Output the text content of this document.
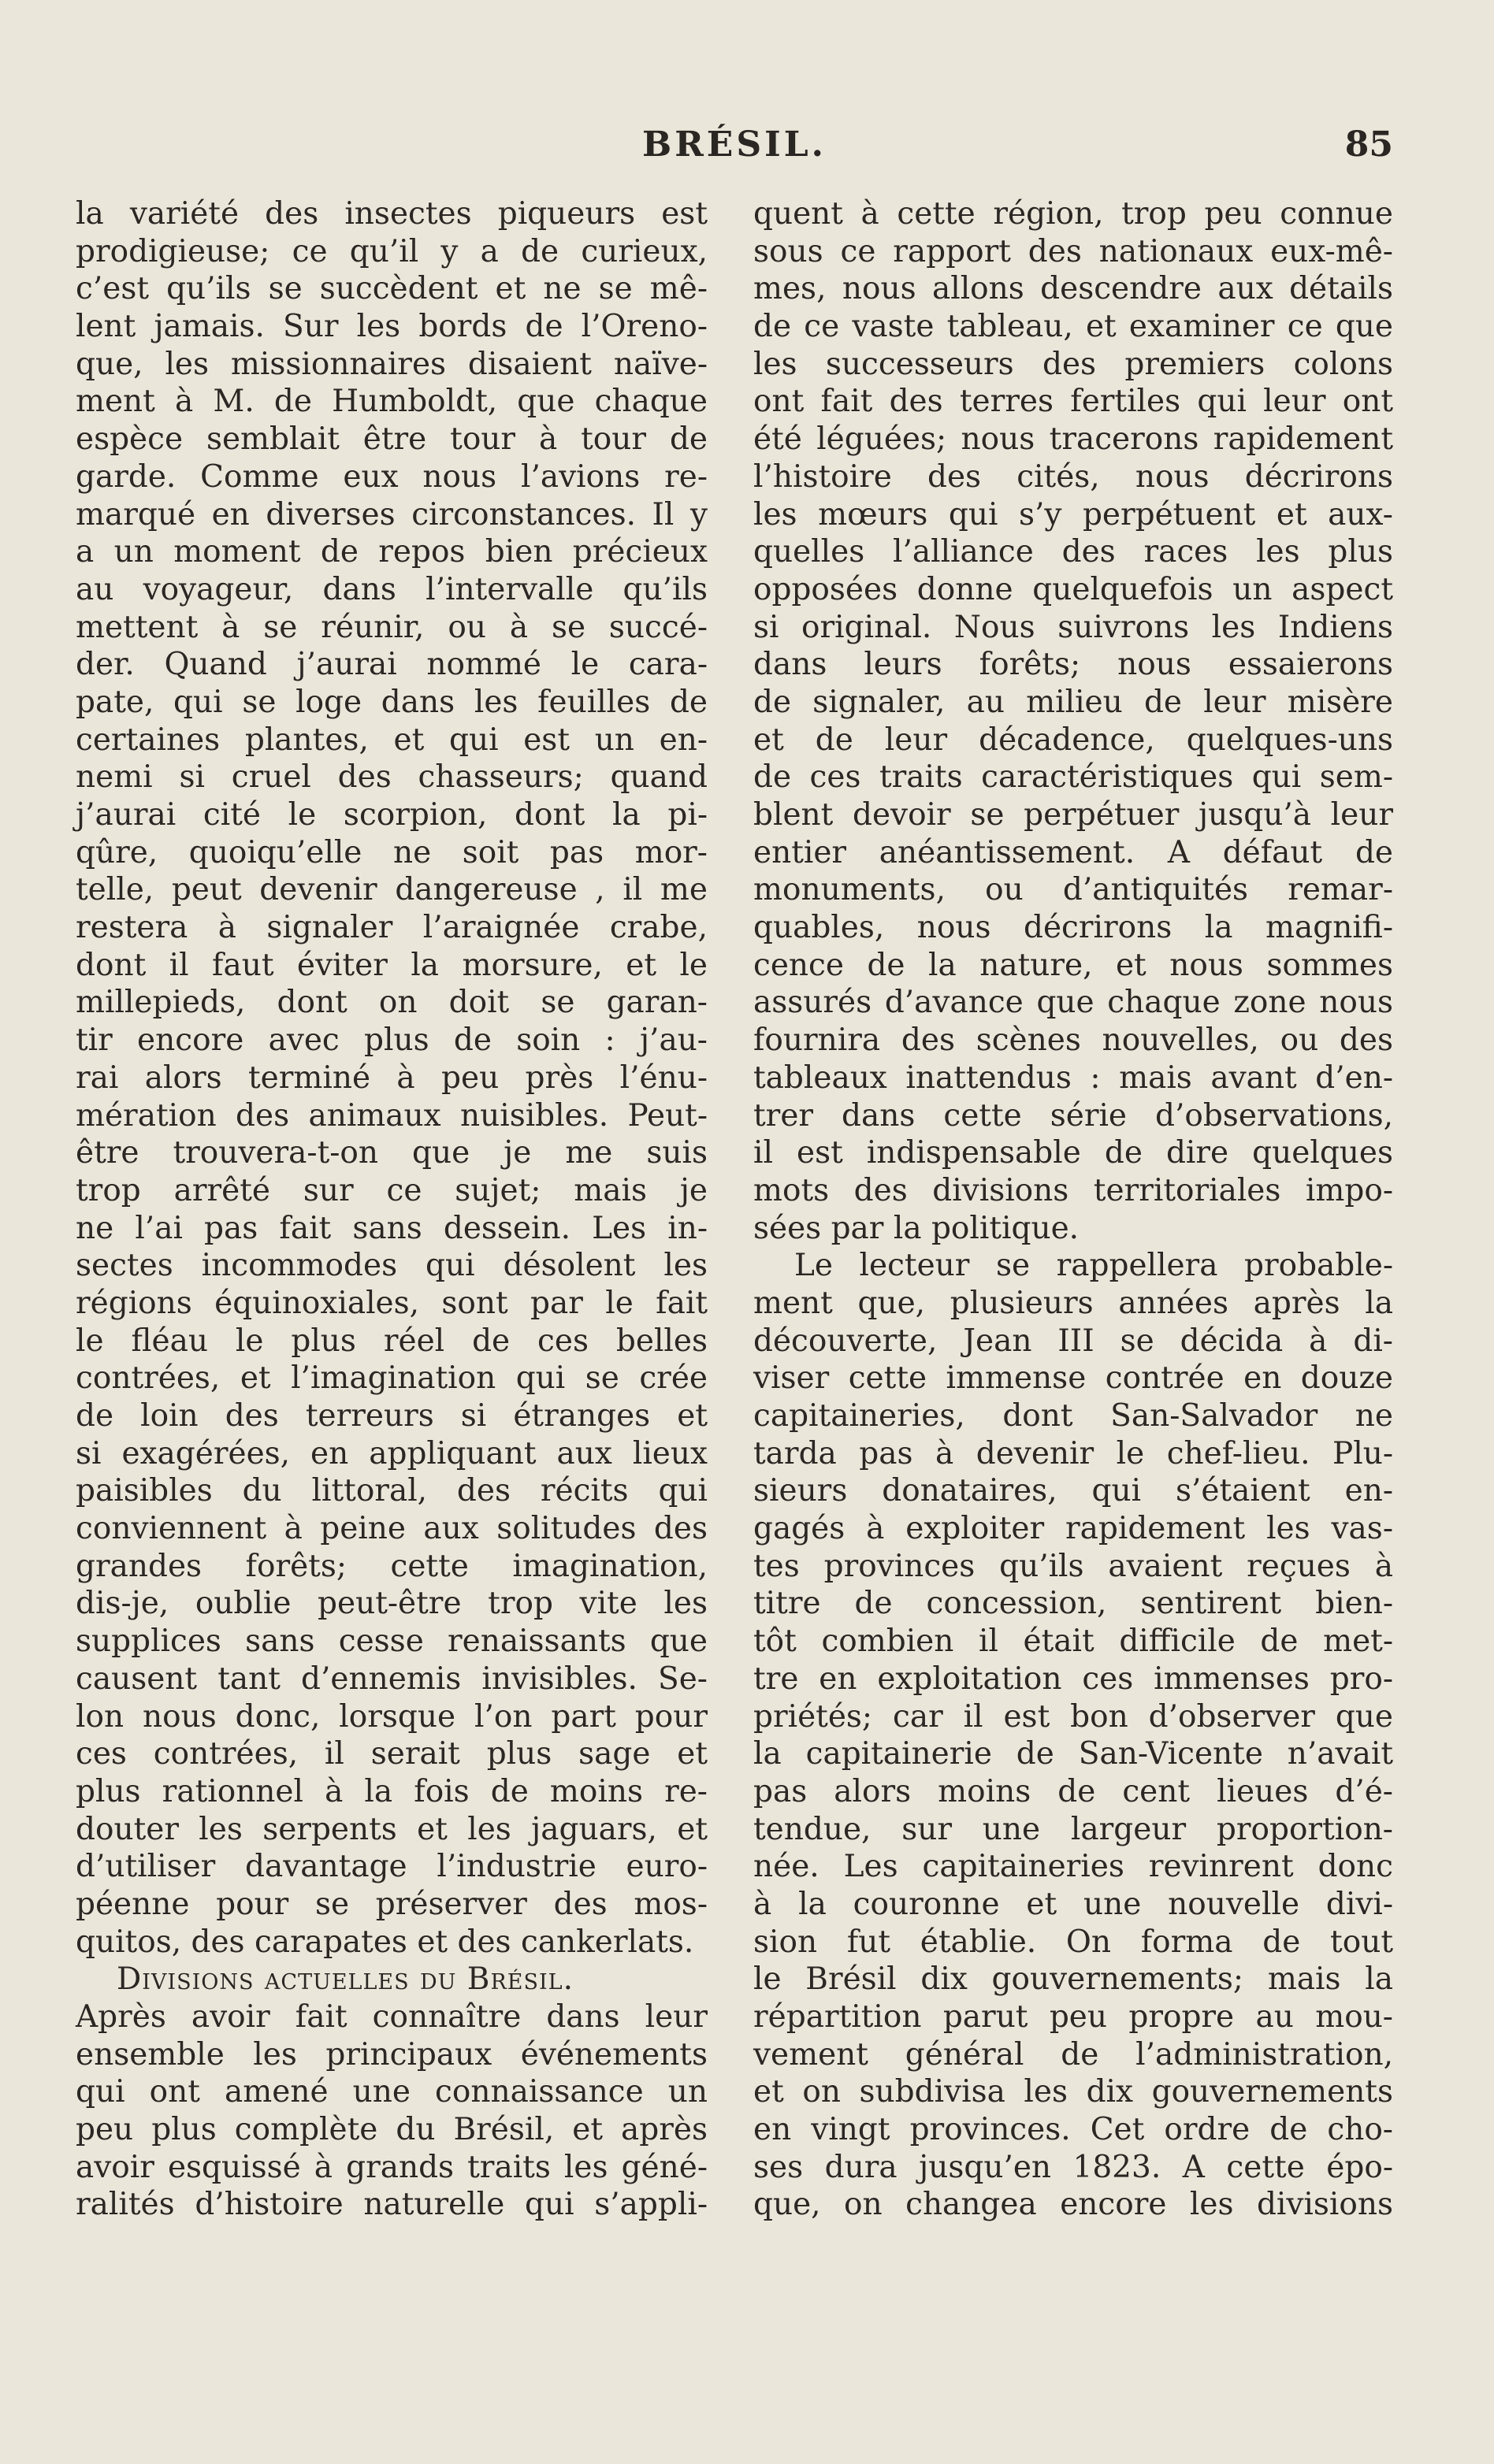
BRÉSIL.	85
la variété des insectes piqueurs est
prodigieuse; ce qu’il y a de curieux,
c’est qu’ils se succèdent et ne se mê-
lent jamais. Sur les bords de l’Oreno-
que, les missionnaires disaient naïve-
ment à M. de Humboldt, que chaque
espèce semblait être tour à tour de
garde. Comme eux nous l’avions re-
marqué en diverses circonstances. Il y
a un moment de repos bien précieux
au voyageur, dans l’intervalle qu’ils
mettent à se réunir, ou à se succé-
der. Quand j’aurai nommé le cara-
pate, qui se loge dans les feuilles de
certaines plantes, et qui est un en-
nemi si cruel des chasseurs; quand
j’aurai cité le scorpion, dont la pi-
qûre, quoiqu’elle ne soit pas mor-
telle, peut devenir dangereuse , il me
restera à signaler l’araignée crabe,
dont il faut éviter la morsure, et le
millepieds, dont on doit se garan-
tir encore avec plus de soin : j’au-
rai alors terminé à peu près l’énu-
mération des animaux nuisibles. Peut-
être trouvera-t-on que je me suis
trop arrêté sur ce sujet; mais je
ne l’ai pas fait sans dessein. Les in-
sectes incommodes qui désolent les
régions équinoxiales, sont par le fait
le fléau le plus réel de ces belles
contrées, et l’imagination qui se crée
de loin des terreurs si étranges et
si exagérées, en appliquant aux lieux
paisibles du littoral, des récits qui
conviennent à peine aux solitudes des
grandes forêts; cette imagination,
dis-je, oublie peut-être trop vite les
supplices sans cesse renaissants que
causent tant d’ennemis invisibles. Se-
lon nous donc, lorsque l’on part pour
ces contrées, il serait plus sage et
plus rationnel à la fois de moins re-
douter les serpents et les jaguars, et
d’utiliser davantage l’industrie euro-
péenne pour se préserver des mos-
quitos, des carapates et des cankerlats.
Divisions actuelles du Brésil.
Après avoir fait connaître dans leur
ensemble les principaux événements
qui ont amené une connaissance un
peu plus complète du Brésil, et après
avoir esquissé à grands traits les géné-
ralités d’histoire naturelle qui s’appli-
quent à cette région, trop peu connue
sous ce rapport des nationaux eux-mê-
mes, nous allons descendre aux détails
de ce vaste tableau, et examiner ce que
les successeurs des premiers colons
ont fait des terres fertiles qui leur ont
été léguées; nous tracerons rapidement
l’histoire des cités, nous décrirons
les mœurs qui s’y perpétuent et aux-
quelles l’alliance des races les plus
opposées donne quelquefois un aspect
si original. Nous suivrons les Indiens
dans leurs forêts; nous essaierons
de signaler, au milieu de leur misère
et de leur décadence, quelques-uns
de ces traits caractéristiques qui sem-
blent devoir se perpétuer jusqu’à leur
entier anéantissement. A défaut de
monuments, ou d’antiquités remar-
quables, nous décrirons la magnifi-
cence de la nature, et nous sommes
assurés d’avance que chaque zone nous
fournira des scènes nouvelles, ou des
tableaux inattendus : mais avant d’en-
trer dans cette série d’observations,
il est indispensable de dire quelques
mots des divisions territoriales impo-
sées par la politique.
Le lecteur se rappellera probable-
ment que, plusieurs années après la
découverte, Jean III se décida à di-
viser cette immense contrée en douze
capitaineries, dont San-Salvador ne
tarda pas à devenir le chef-lieu. Plu-
sieurs donataires, qui s’étaient en-
gagés à exploiter rapidement les vas-
tes provinces qu’ils avaient reçues à
titre de concession, sentirent bien-
tôt combien il était difficile de met-
tre en exploitation ces immenses pro-
priétés; car il est bon d’observer que
la capitainerie de San-Vicente n’avait
pas alors moins de cent lieues d’é-
tendue, sur une largeur proportion-
née. Les capitaineries revinrent donc
à la couronne et une nouvelle divi-
sion fut établie. On forma de tout
le Brésil dix gouvernements; mais la
répartition parut peu propre au mou-
vement général de l’administration,
et on subdivisa les dix gouvernements
en vingt provinces. Cet ordre de cho-
ses dura jusqu’en 1823. A cette épo-
que, on changea encore les divisions
